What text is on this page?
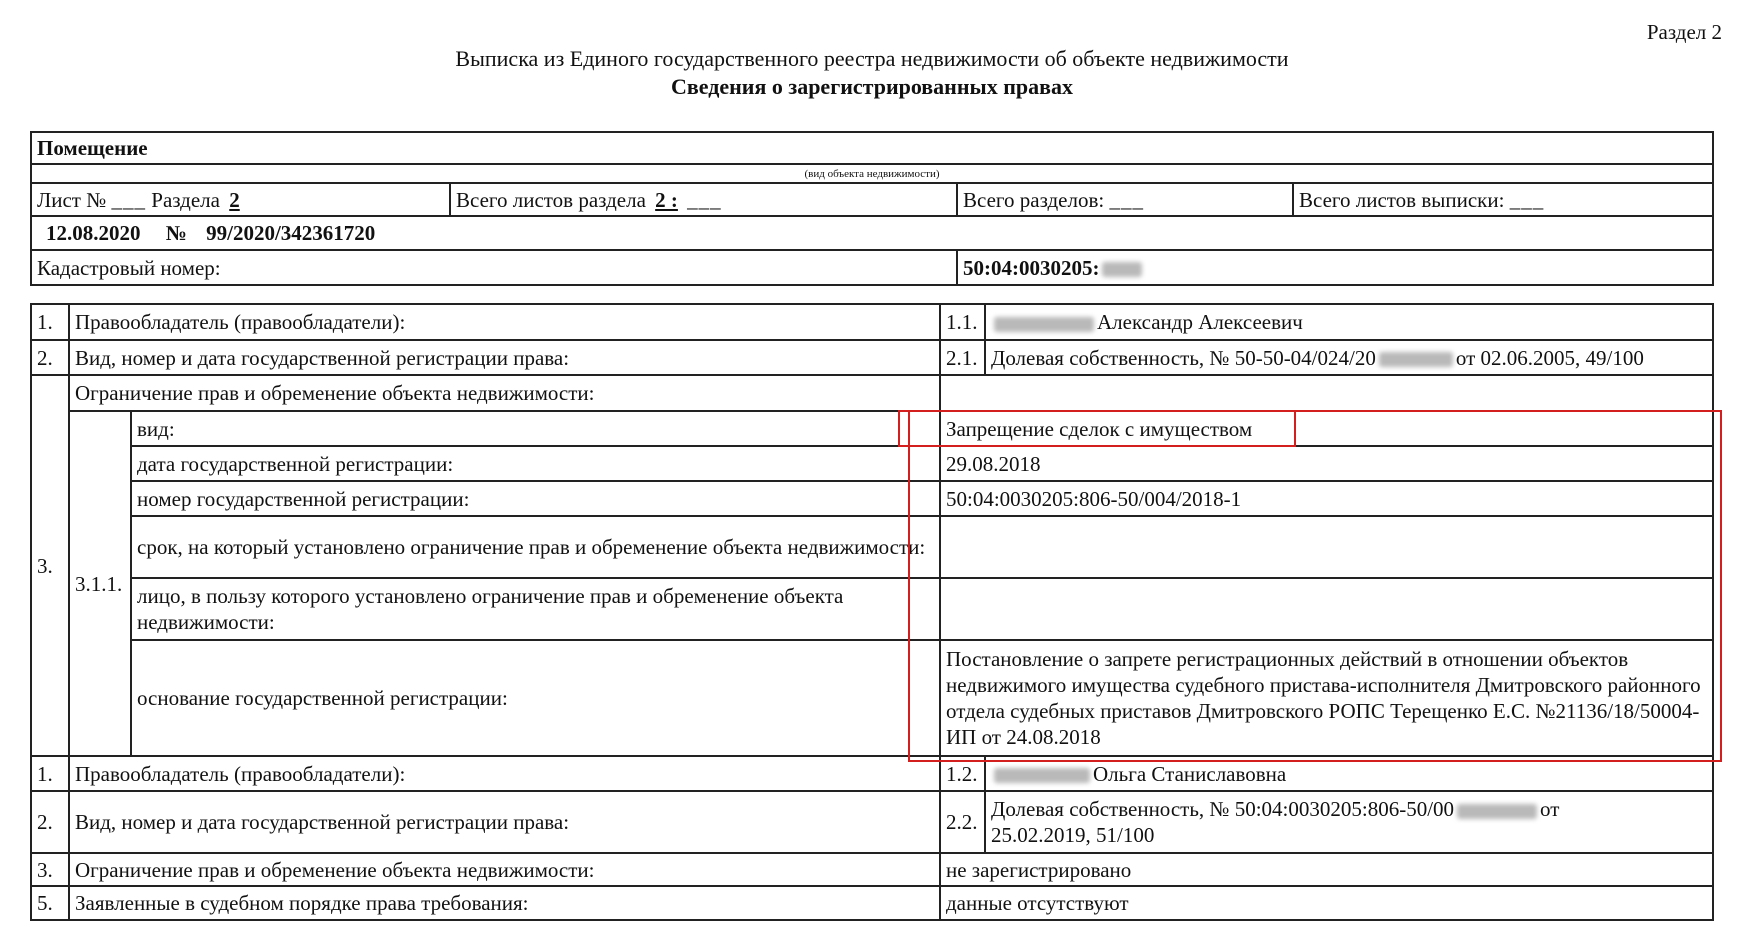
Раздел 2
Выписка из Единого государственного реестра недвижимости об объекте недвижимости
Сведения о зарегистрированных правах
Помещение			
(вид объекта недвижимости)			
Лист № ___ Раздела 2	Всего листов раздела 2 : ___	Всего разделов: ___	Всего листов выписки: ___
12.08.2020 № 99/2020/342361720			
Кадастровый номер:		50:04:0030205:	
1.	Правообладатель (правообладатели):		1.1.	Александр Алексеевич
2.	Вид, номер и дата государственной регистрации права:		2.1.	Долевая собственность, № 50-50-04/024/20 от 02.06.2005, 49/100
3.	Ограничение прав и обременение объекта недвижимости:			
	3.1.1.	вид:	Запрещение сделок с имуществом	
		дата государственной регистрации:	29.08.2018	
		номер государственной регистрации:	50:04:0030205:806-50/004/2018-1	
		срок, на который установлено ограничение прав и обременение объекта недвижимости:		
		лицо, в пользу которого установлено ограничение прав и обременение объекта недвижимости:		
		основание государственной регистрации:	Постановление о запрете регистрационных действий в отношении объектов недвижимого имущества судебного пристава-исполнителя Дмитровского районного отдела судебных приставов Дмитровского РОПС Терещенко Е.С. №21136/18/50004-ИП от 24.08.2018	
1.	Правообладатель (правообладатели):		1.2.	Ольга Станиславовна
2.	Вид, номер и дата государственной регистрации права:		2.2.	Долевая собственность, № 50:04:0030205:806-50/00 от
25.02.2019, 51/100
3.	Ограничение прав и обременение объекта недвижимости:		не зарегистрировано	
5.	Заявленные в судебном порядке права требования:		данные отсутствуют	
